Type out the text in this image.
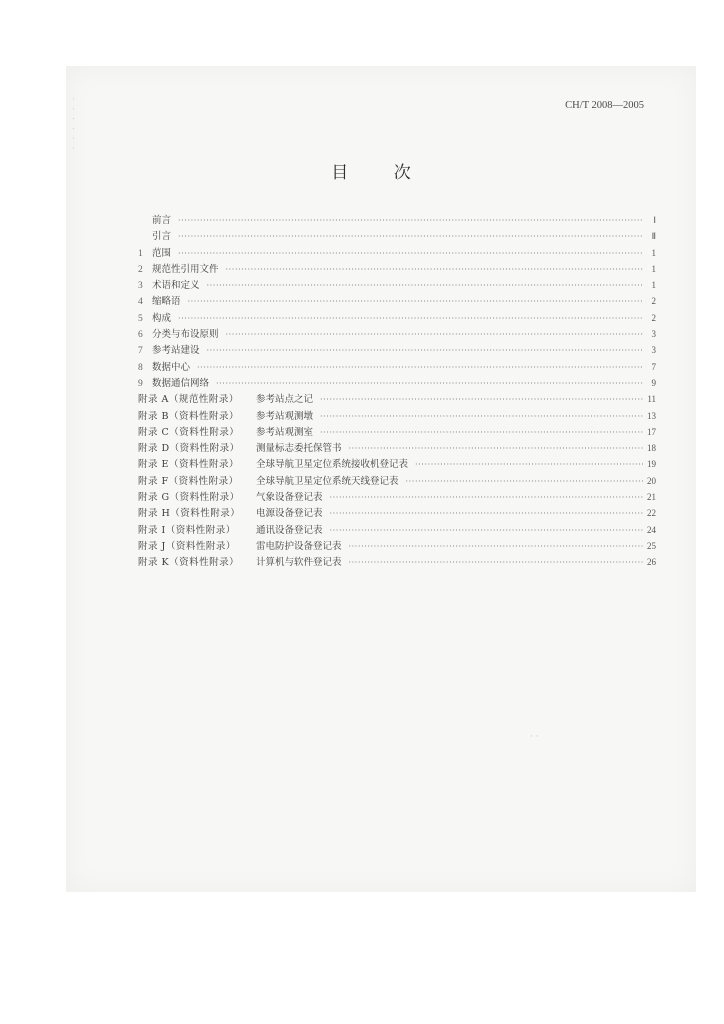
CH/T 2008—2005
目 次
前言 ·····	Ⅰ
引言 ·····	Ⅱ
1 范围 ·····	1
2 规范性引用文件 ·····	1
3 术语和定义 ·····	1
4 缩略语 ·····	2
5 构成 ·····	2
6 分类与布设原则 ·····	3
7 参考站建设 ·····	3
8 数据中心 ·····	7
9 数据通信网络 ·····	9
附录 A（规范性附录）	参考站点之记 ·····	11
附录 B（资料性附录）	参考站观测墩 ·····	13
附录 C（资料性附录）	参考站观测室 ·····	17
附录 D（资料性附录）	测量标志委托保管书 ·····	18
附录 E（资料性附录）	全球导航卫星定位系统接收机登记表 ·····	19
附录 F（资料性附录）	全球导航卫星定位系统天线登记表 ·····	20
附录 G（资料性附录）	气象设备登记表 ·····	21
附录 H（资料性附录）	电源设备登记表 ·····	22
附录 I（资料性附录）	通讯设备登记表 ·····	24
附录 J（资料性附录）	雷电防护设备登记表 ·····	25
附录 K（资料性附录）	计算机与软件登记表 ·····	26
· · · · · ·
· ·
